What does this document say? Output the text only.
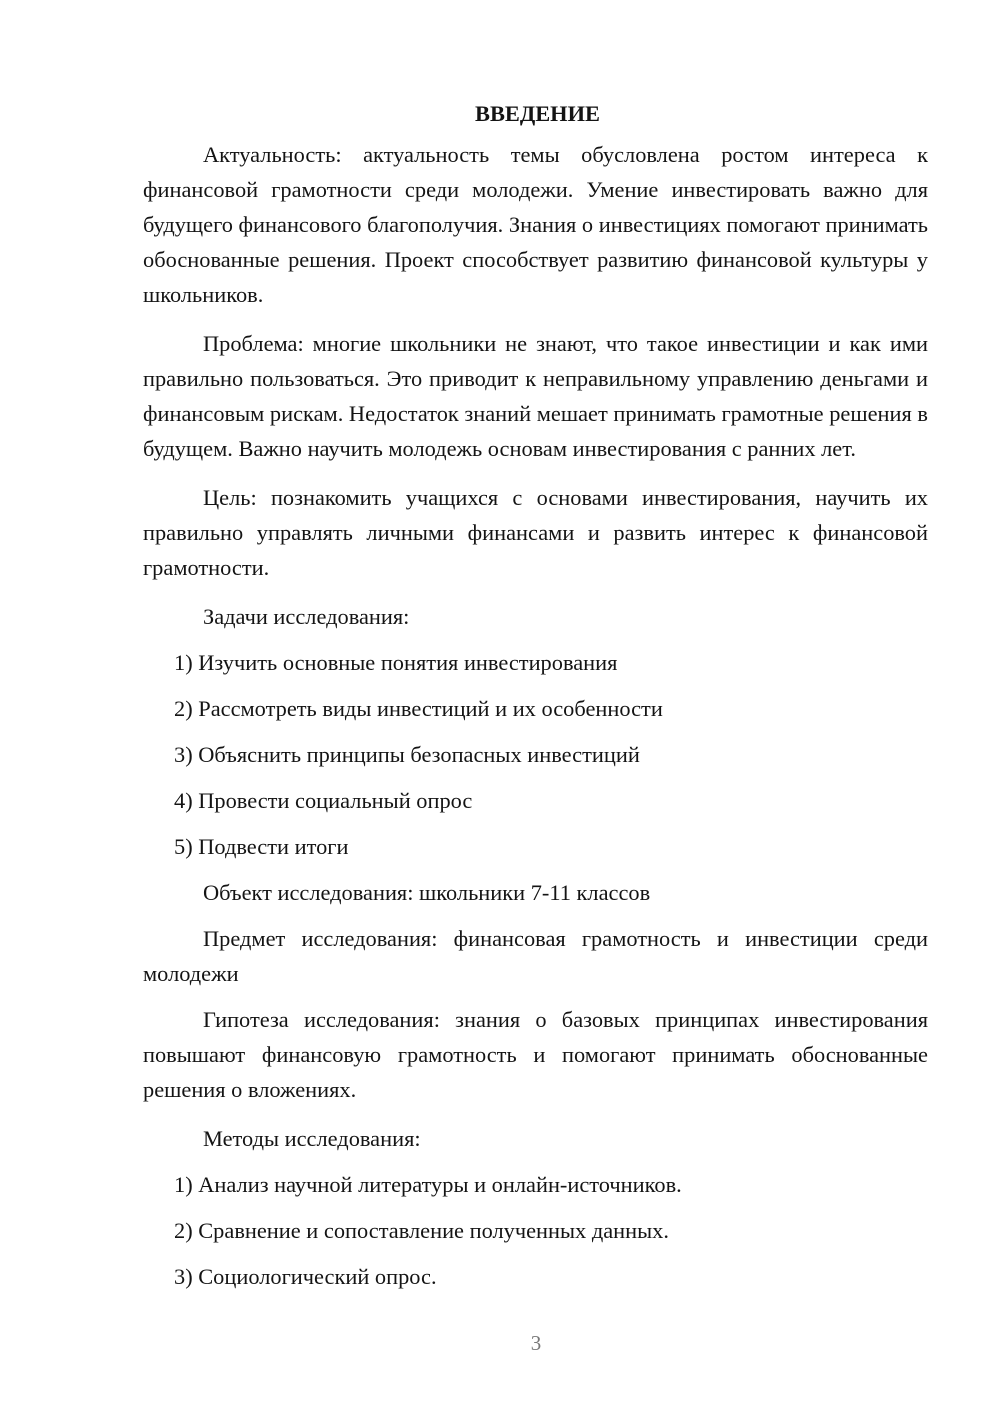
ВВЕДЕНИЕ

Актуальность: актуальность темы обусловлена ростом интереса к финансовой грамотности среди молодежи. Умение инвестировать важно для будущего финансового благополучия. Знания о инвестициях помогают принимать обоснованные решения. Проект способствует развитию финансовой культуры у школьников.

Проблема: многие школьники не знают, что такое инвестиции и как ими правильно пользоваться. Это приводит к неправильному управлению деньгами и финансовым рискам. Недостаток знаний мешает принимать грамотные решения в будущем. Важно научить молодежь основам инвестирования с ранних лет.

Цель: познакомить учащихся с основами инвестирования, научить их правильно управлять личными финансами и развить интерес к финансовой грамотности.

Задачи исследования:
1) Изучить основные понятия инвестирования
2) Рассмотреть виды инвестиций и их особенности
3) Объяснить принципы безопасных инвестиций
4) Провести социальный опрос
5) Подвести итоги
Объект исследования: школьники 7-11 классов

Предмет исследования: финансовая грамотность и инвестиции среди молодежи

Гипотеза исследования: знания о базовых принципах инвестирования повышают финансовую грамотность и помогают принимать обоснованные решения о вложениях.

Методы исследования:
1) Анализ научной литературы и онлайн-источников.
2) Сравнение и сопоставление полученных данных.
3) Социологический опрос.
3
